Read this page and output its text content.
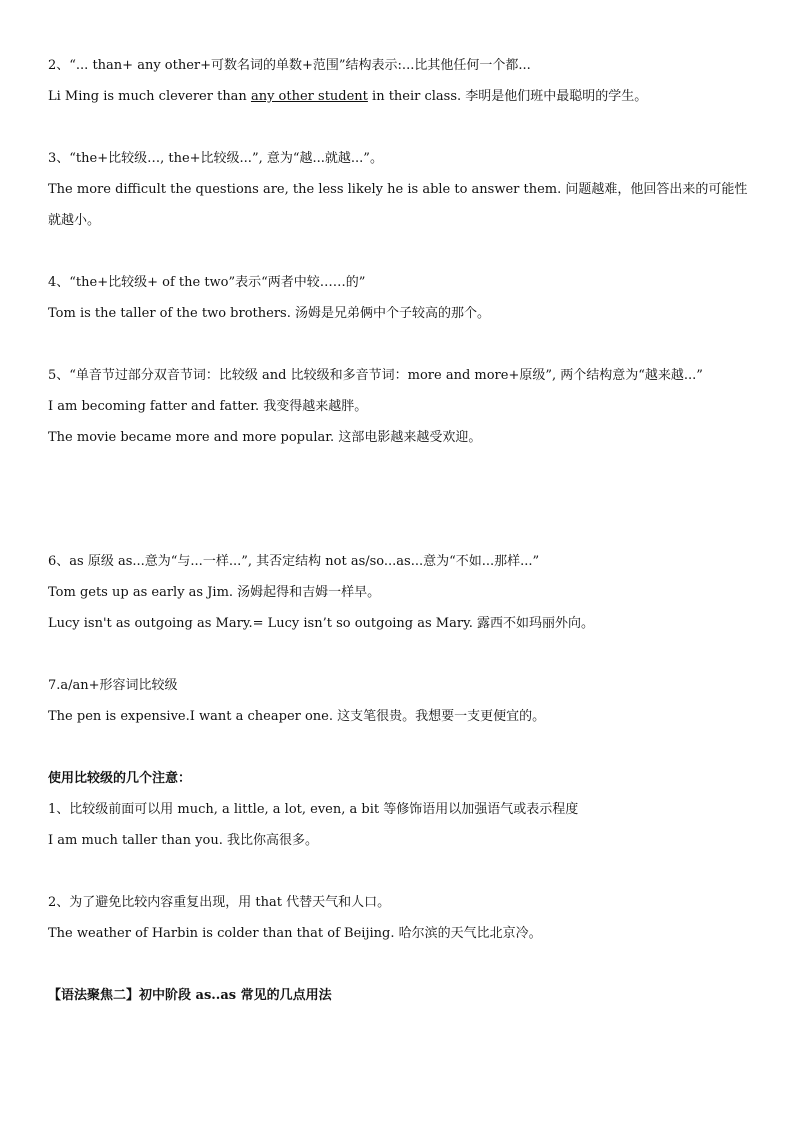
2、“... than+ any other+可数名词的单数+范围”结构表示:...比其他任何一个都...

Li Ming is much cleverer than any other student in their class. 李明是他们班中最聪明的学生。

3、“the+比较级…, the+比较级...”, 意为“越...就越...”。

The more difficult the questions are, the less likely he is able to answer them. 问题越难，他回答出来的可能性就越小。

4、“the+比较级+ of the two”表示“两者中较……的”

Tom is the taller of the two brothers. 汤姆是兄弟俩中个子较高的那个。

5、“单音节过部分双音节词：比较级 and 比较级和多音节词：more and more+原级”, 两个结构意为“越来越...”

I am becoming fatter and fatter. 我变得越来越胖。

The movie became more and more popular. 这部电影越来越受欢迎。

6、as 原级 as...意为“与...一样...”, 其否定结构 not as/so...as...意为“不如...那样...”

Tom gets up as early as Jim. 汤姆起得和吉姆一样早。

Lucy isn't as outgoing as Mary.= Lucy isn’t so outgoing as Mary. 露西不如玛丽外向。

7.a/an+形容词比较级

The pen is expensive.I want a cheaper one. 这支笔很贵。我想要一支更便宜的。

使用比较级的几个注意：

1、比较级前面可以用 much, a little, a lot, even, a bit 等修饰语用以加强语气或表示程度

I am much taller than you. 我比你高很多。

2、为了避免比较内容重复出现，用 that 代替天气和人口。

The weather of Harbin is colder than that of Beijing. 哈尔滨的天气比北京冷。

【语法聚焦二】初中阶段 as..as 常见的几点用法
